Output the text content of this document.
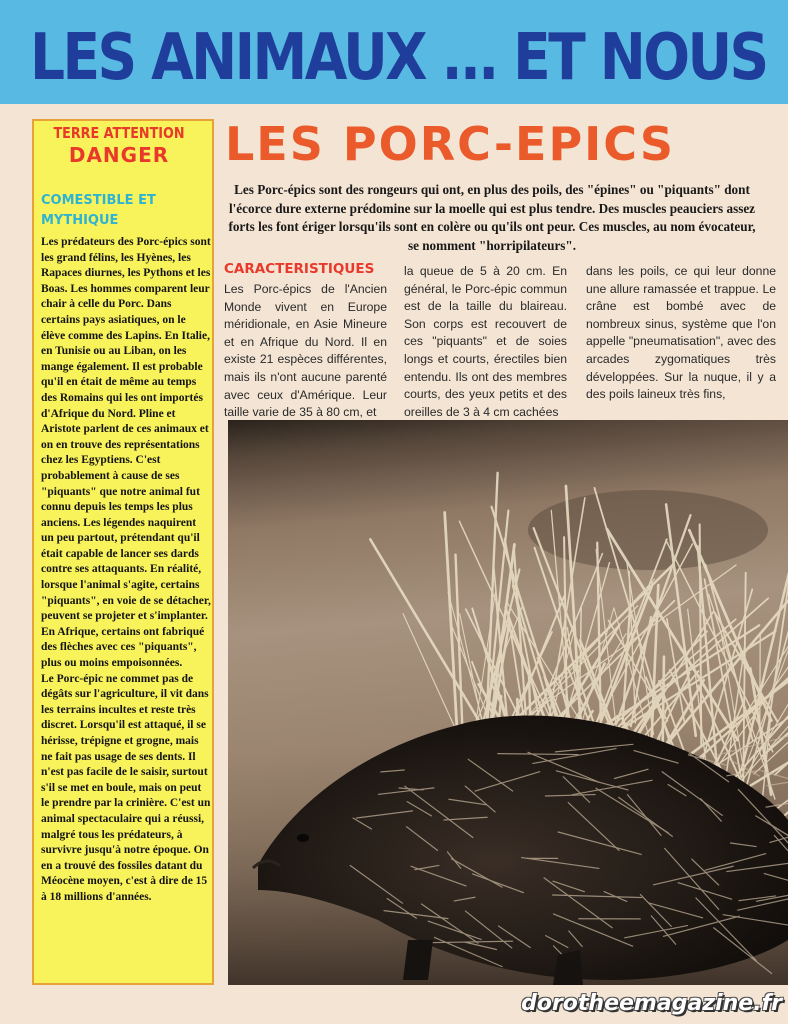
LES ANIMAUX ... ET NOUS
TERRE ATTENTION
DANGER
COMESTIBLE ET MYTHIQUE
Les prédateurs des Porc-épics sont les grand félins, les Hyènes, les Rapaces diurnes, les Pythons et les Boas. Les hommes comparent leur chair à celle du Porc. Dans certains pays asiatiques, on le élève comme des Lapins. En Italie, en Tunisie ou au Liban, on les mange également. Il est probable qu'il en était de même au temps des Romains qui les ont importés d'Afrique du Nord. Pline et Aristote parlent de ces animaux et on en trouve des représentations chez les Egyptiens. C'est probablement à cause de ses "piquants" que notre animal fut connu depuis les temps les plus anciens. Les légendes naquirent un peu partout, prétendant qu'il était capable de lancer ses dards contre ses attaquants. En réalité, lorsque l'animal s'agite, certains "piquants", en voie de se détacher, peuvent se projeter et s'implanter. En Afrique, certains ont fabriqué des flèches avec ces "piquants", plus ou moins empoisonnées.
Le Porc-épic ne commet pas de dégâts sur l'agriculture, il vit dans les terrains incultes et reste très discret. Lorsqu'il est attaqué, il se hérisse, trépigne et grogne, mais ne fait pas usage de ses dents. Il n'est pas facile de le saisir, surtout s'il se met en boule, mais on peut le prendre par la crinière. C'est un animal spectaculaire qui a réussi, malgré tous les prédateurs, à survivre jusqu'à notre époque. On en a trouvé des fossiles datant du Méocène moyen, c'est à dire de 15 à 18 millions d'années.
LES PORC-EPICS
Les Porc-épics sont des rongeurs qui ont, en plus des poils, des "épines" ou "piquants" dont l'écorce dure externe prédomine sur la moelle qui est plus tendre. Des muscles peauciers assez forts les font ériger lorsqu'ils sont en colère ou qu'ils ont peur. Ces muscles, au nom évocateur, se nomment "horripilateurs".
CARACTERISTIQUES
Les Porc-épics de l'Ancien Monde vivent en Europe méridionale, en Asie Mineure et en Afrique du Nord. Il en existe 21 espèces différentes, mais ils n'ont aucune parenté avec ceux d'Amérique. Leur taille varie de 35 à 80 cm, et
la queue de 5 à 20 cm. En général, le Porc-épic commun est de la taille du blaireau. Son corps est recouvert de ces "piquants" et de soies longs et courts, érectiles bien entendu. Ils ont des membres courts, des yeux petits et des oreilles de 3 à 4 cm cachées
dans les poils, ce qui leur donne une allure ramassée et trappue. Le crâne est bombé avec de nombreux sinus, système que l'on appelle "pneumatisation", avec des arcades zygomatiques très développées. Sur la nuque, il y a des poils laineux très fins,
dorotheemagazine.fr
